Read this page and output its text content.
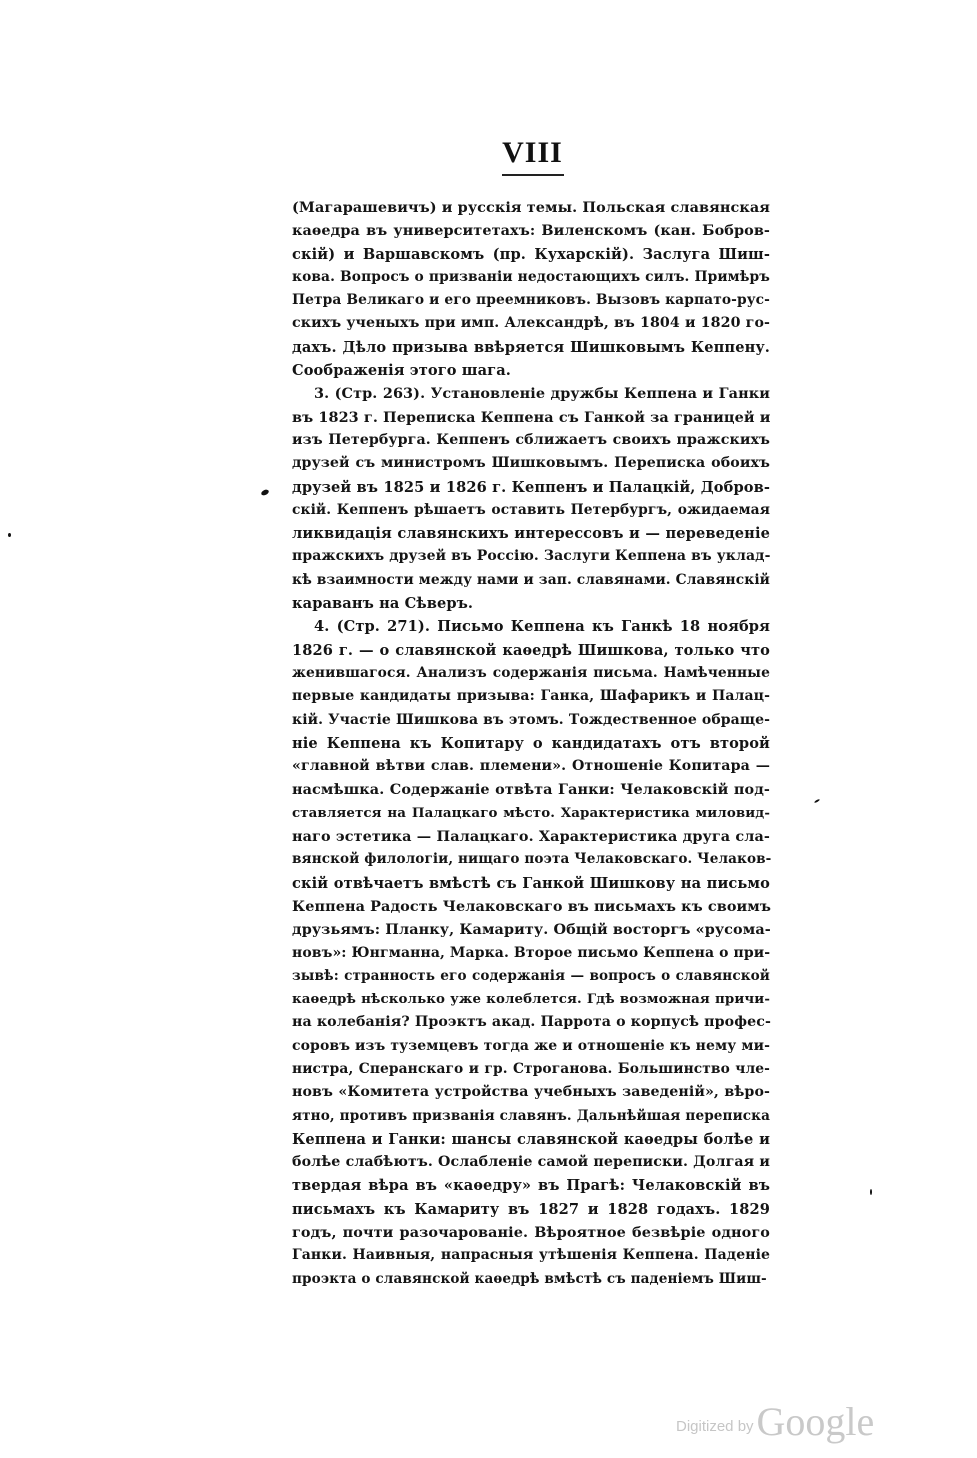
VIII
(Магарашевичъ) и русскія темы. Польская славянская
каѳедра въ университетахъ: Виленскомъ (кан. Бобров-
скій) и Варшавскомъ (пр. Кухарскій). Заслуга Шиш-
кова. Вопросъ о призваніи недостающихъ силъ. Примѣръ
Петра Великаго и его преемниковъ. Вызовъ карпато-рус-
скихъ ученыхъ при имп. Александрѣ, въ 1804 и 1820 го-
дахъ. Дѣло призыва ввѣряется Шишковымъ Кеппену.
Соображенія этого шага.
3. (Стр. 263). Установленіе дружбы Кеппена и Ганки
въ 1823 г. Переписка Кеппена съ Ганкой за границей и
изъ Петербурга. Кеппенъ сближаетъ своихъ пражскихъ
друзей съ министромъ Шишковымъ. Переписка обоихъ
друзей въ 1825 и 1826 г. Кеппенъ и Палацкій, Добров-
скій. Кеппенъ рѣшаетъ оставить Петербургъ, ожидаемая
ликвидація славянскихъ интерессовъ и — переведеніе
пражскихъ друзей въ Россію. Заслуги Кеппена въ уклад-
кѣ взаимности между нами и зап. славянами. Славянскій
караванъ на Сѣверъ.
4. (Стр. 271). Письмо Кеппена къ Ганкѣ 18 ноября
1826 г. — о славянской каѳедрѣ Шишкова, только что
женившагося. Анализъ содержанія письма. Намѣченные
первые кандидаты призыва: Ганка, Шафарикъ и Палац-
кій. Участіе Шишкова въ этомъ. Тождественное обраще-
ніе Кеппена къ Копитару о кандидатахъ отъ второй
«главной вѣтви слав. племени». Отношеніе Копитара —
насмѣшка. Содержаніе отвѣта Ганки: Челаковскій под-
ставляется на Палацкаго мѣсто. Характеристика миловид-
наго эстетика — Палацкаго. Характеристика друга сла-
вянской филологіи, нищаго поэта Челаковскаго. Челаков-
скій отвѣчаетъ вмѣстѣ съ Ганкой Шишкову на письмо
Кеппена Радость Челаковскаго въ письмахъ къ своимъ
друзьямъ: Планку, Камариту. Общій восторгъ «русома-
новъ»: Юнгманна, Марка. Второе письмо Кеппена о при-
зывѣ: странность его содержанія — вопросъ о славянской
каѳедрѣ нѣсколько уже колеблется. Гдѣ возможная причи-
на колебанія? Проэктъ акад. Паррота о корпусѣ профес-
соровъ изъ туземцевъ тогда же и отношеніе къ нему ми-
нистра, Сперанскаго и гр. Строганова. Большинство чле-
новъ «Комитета устройства учебныхъ заведеній», вѣро-
ятно, противъ призванія славянъ. Дальнѣйшая переписка
Кеппена и Ганки: шансы славянской каѳедры болѣе и
болѣе слабѣютъ. Ослабленіе самой переписки. Долгая и
твердая вѣра въ «каѳедру» въ Прагѣ: Челаковскій въ
письмахъ къ Камариту въ 1827 и 1828 годахъ. 1829
годъ, почти разочарованіе. Вѣроятное безвѣріе одного
Ганки. Наивныя, напрасныя утѣшенія Кеппена. Паденіе
проэкта о славянской каѳедрѣ вмѣстѣ съ паденіемъ Шиш-
Digitized by Google
